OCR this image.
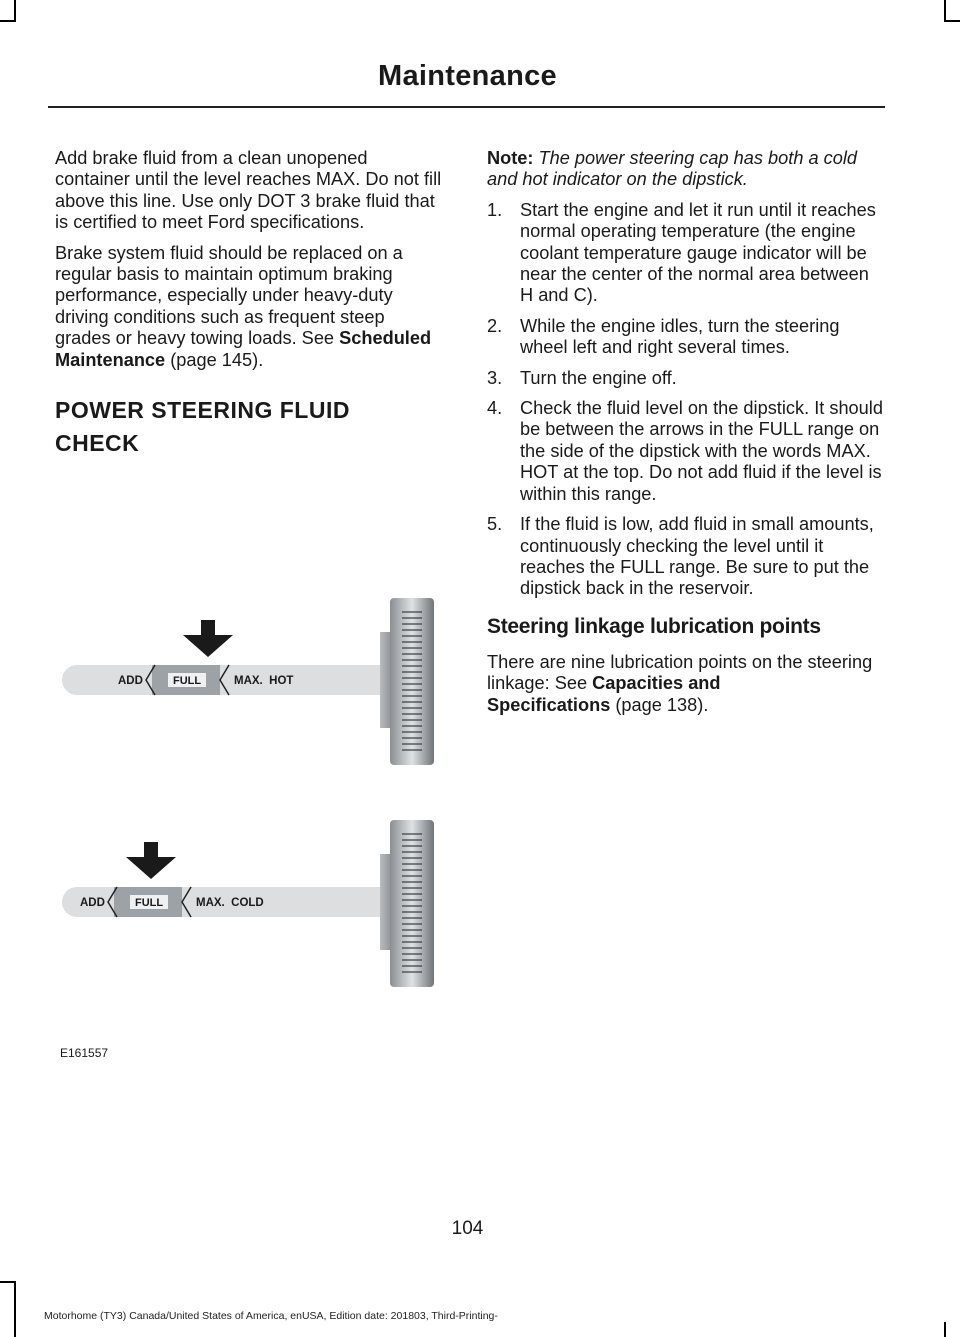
Maintenance

Add brake fluid from a clean unopened container until the level reaches MAX. Do not fill above this line. Use only DOT 3 brake fluid that is certified to meet Ford specifications.

Brake system fluid should be replaced on a regular basis to maintain optimum braking performance, especially under heavy-duty driving conditions such as frequent steep grades or heavy towing loads. See Scheduled Maintenance (page 145).

POWER STEERING FLUID
CHECK

Note: The power steering cap has both a cold and hot indicator on the dipstick.

1. Start the engine and let it run until it reaches normal operating temperature (the engine coolant temperature gauge indicator will be near the center of the normal area between H and C).
2. While the engine idles, turn the steering wheel left and right several times.
3. Turn the engine off.
4. Check the fluid level on the dipstick. It should be between the arrows in the FULL range on the side of the dipstick with the words MAX. HOT at the top. Do not add fluid if the level is within this range.
5. If the fluid is low, add fluid in small amounts, continuously checking the level until it reaches the FULL range. Be sure to put the dipstick back in the reservoir.
Steering linkage lubrication points

There are nine lubrication points on the steering linkage: See Capacities and
Specifications (page 138).

ADD	FULL	MAX.  HOT
ADD	FULL	MAX.  COLD
E161557
104
Motorhome (TY3) Canada/United States of America, enUSA, Edition date: 201803, Third-Printing-
